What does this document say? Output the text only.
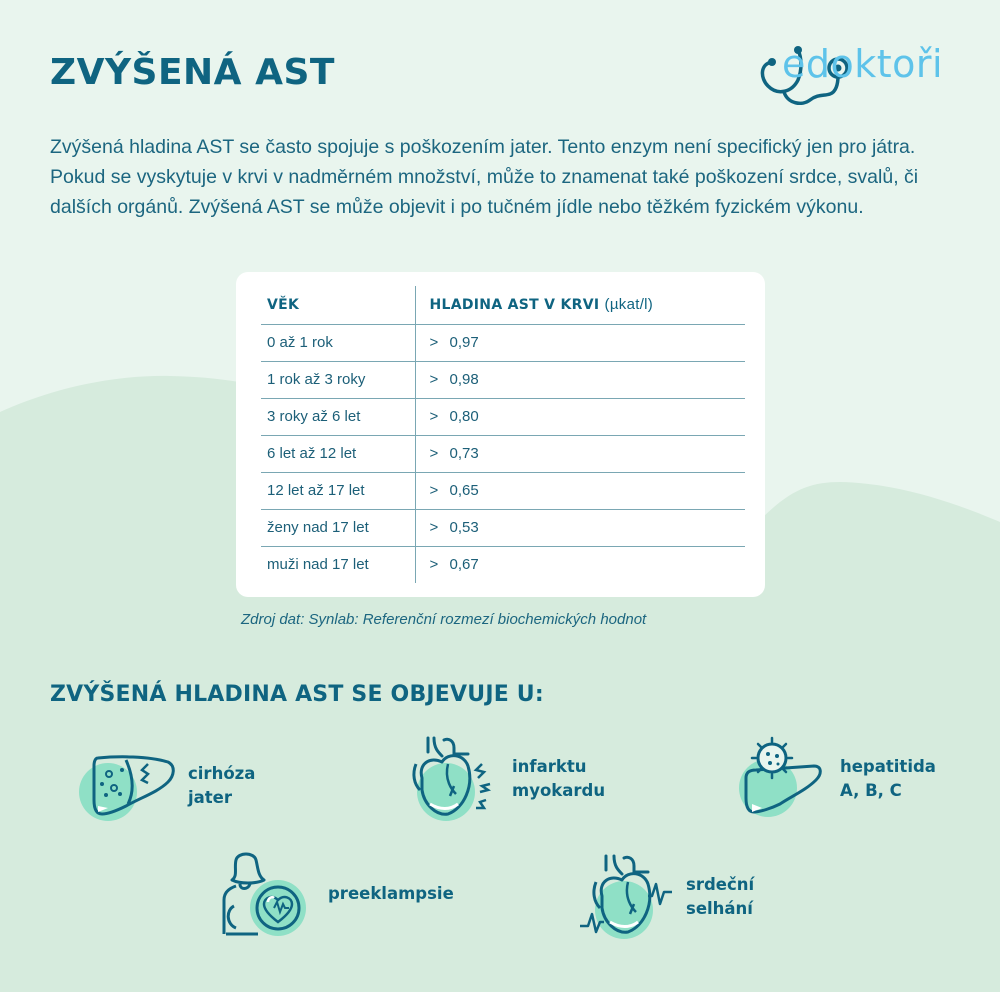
ZVÝŠENÁ AST	edoktoři
Zvýšená hladina AST se často spojuje s poškozením jater. Tento enzym není specifický jen pro játra.
Pokud se vyskytuje v krvi v nadměrném množství, může to znamenat také poškození srdce, svalů, či
dalších orgánů. Zvýšená AST se může objevit i po tučném jídle nebo těžkém fyzickém výkonu.
VĚK	HLADINA AST V KRVI (µkat/l)
0 až 1 rok	> 0,97
1 rok až 3 roky	> 0,98
3 roky až 6 let	> 0,80
6 let až 12 let	> 0,73
12 let až 17 let	> 0,65
ženy nad 17 let	> 0,53
muži nad 17 let	> 0,67
Zdroj dat: Synlab: Referenční rozmezí biochemických hodnot
ZVÝŠENÁ HLADINA AST SE OBJEVUJE U:
cirhóza
jater
infarktu
myokardu
hepatitida
A, B, C
preeklampsie	srdeční
selhání
